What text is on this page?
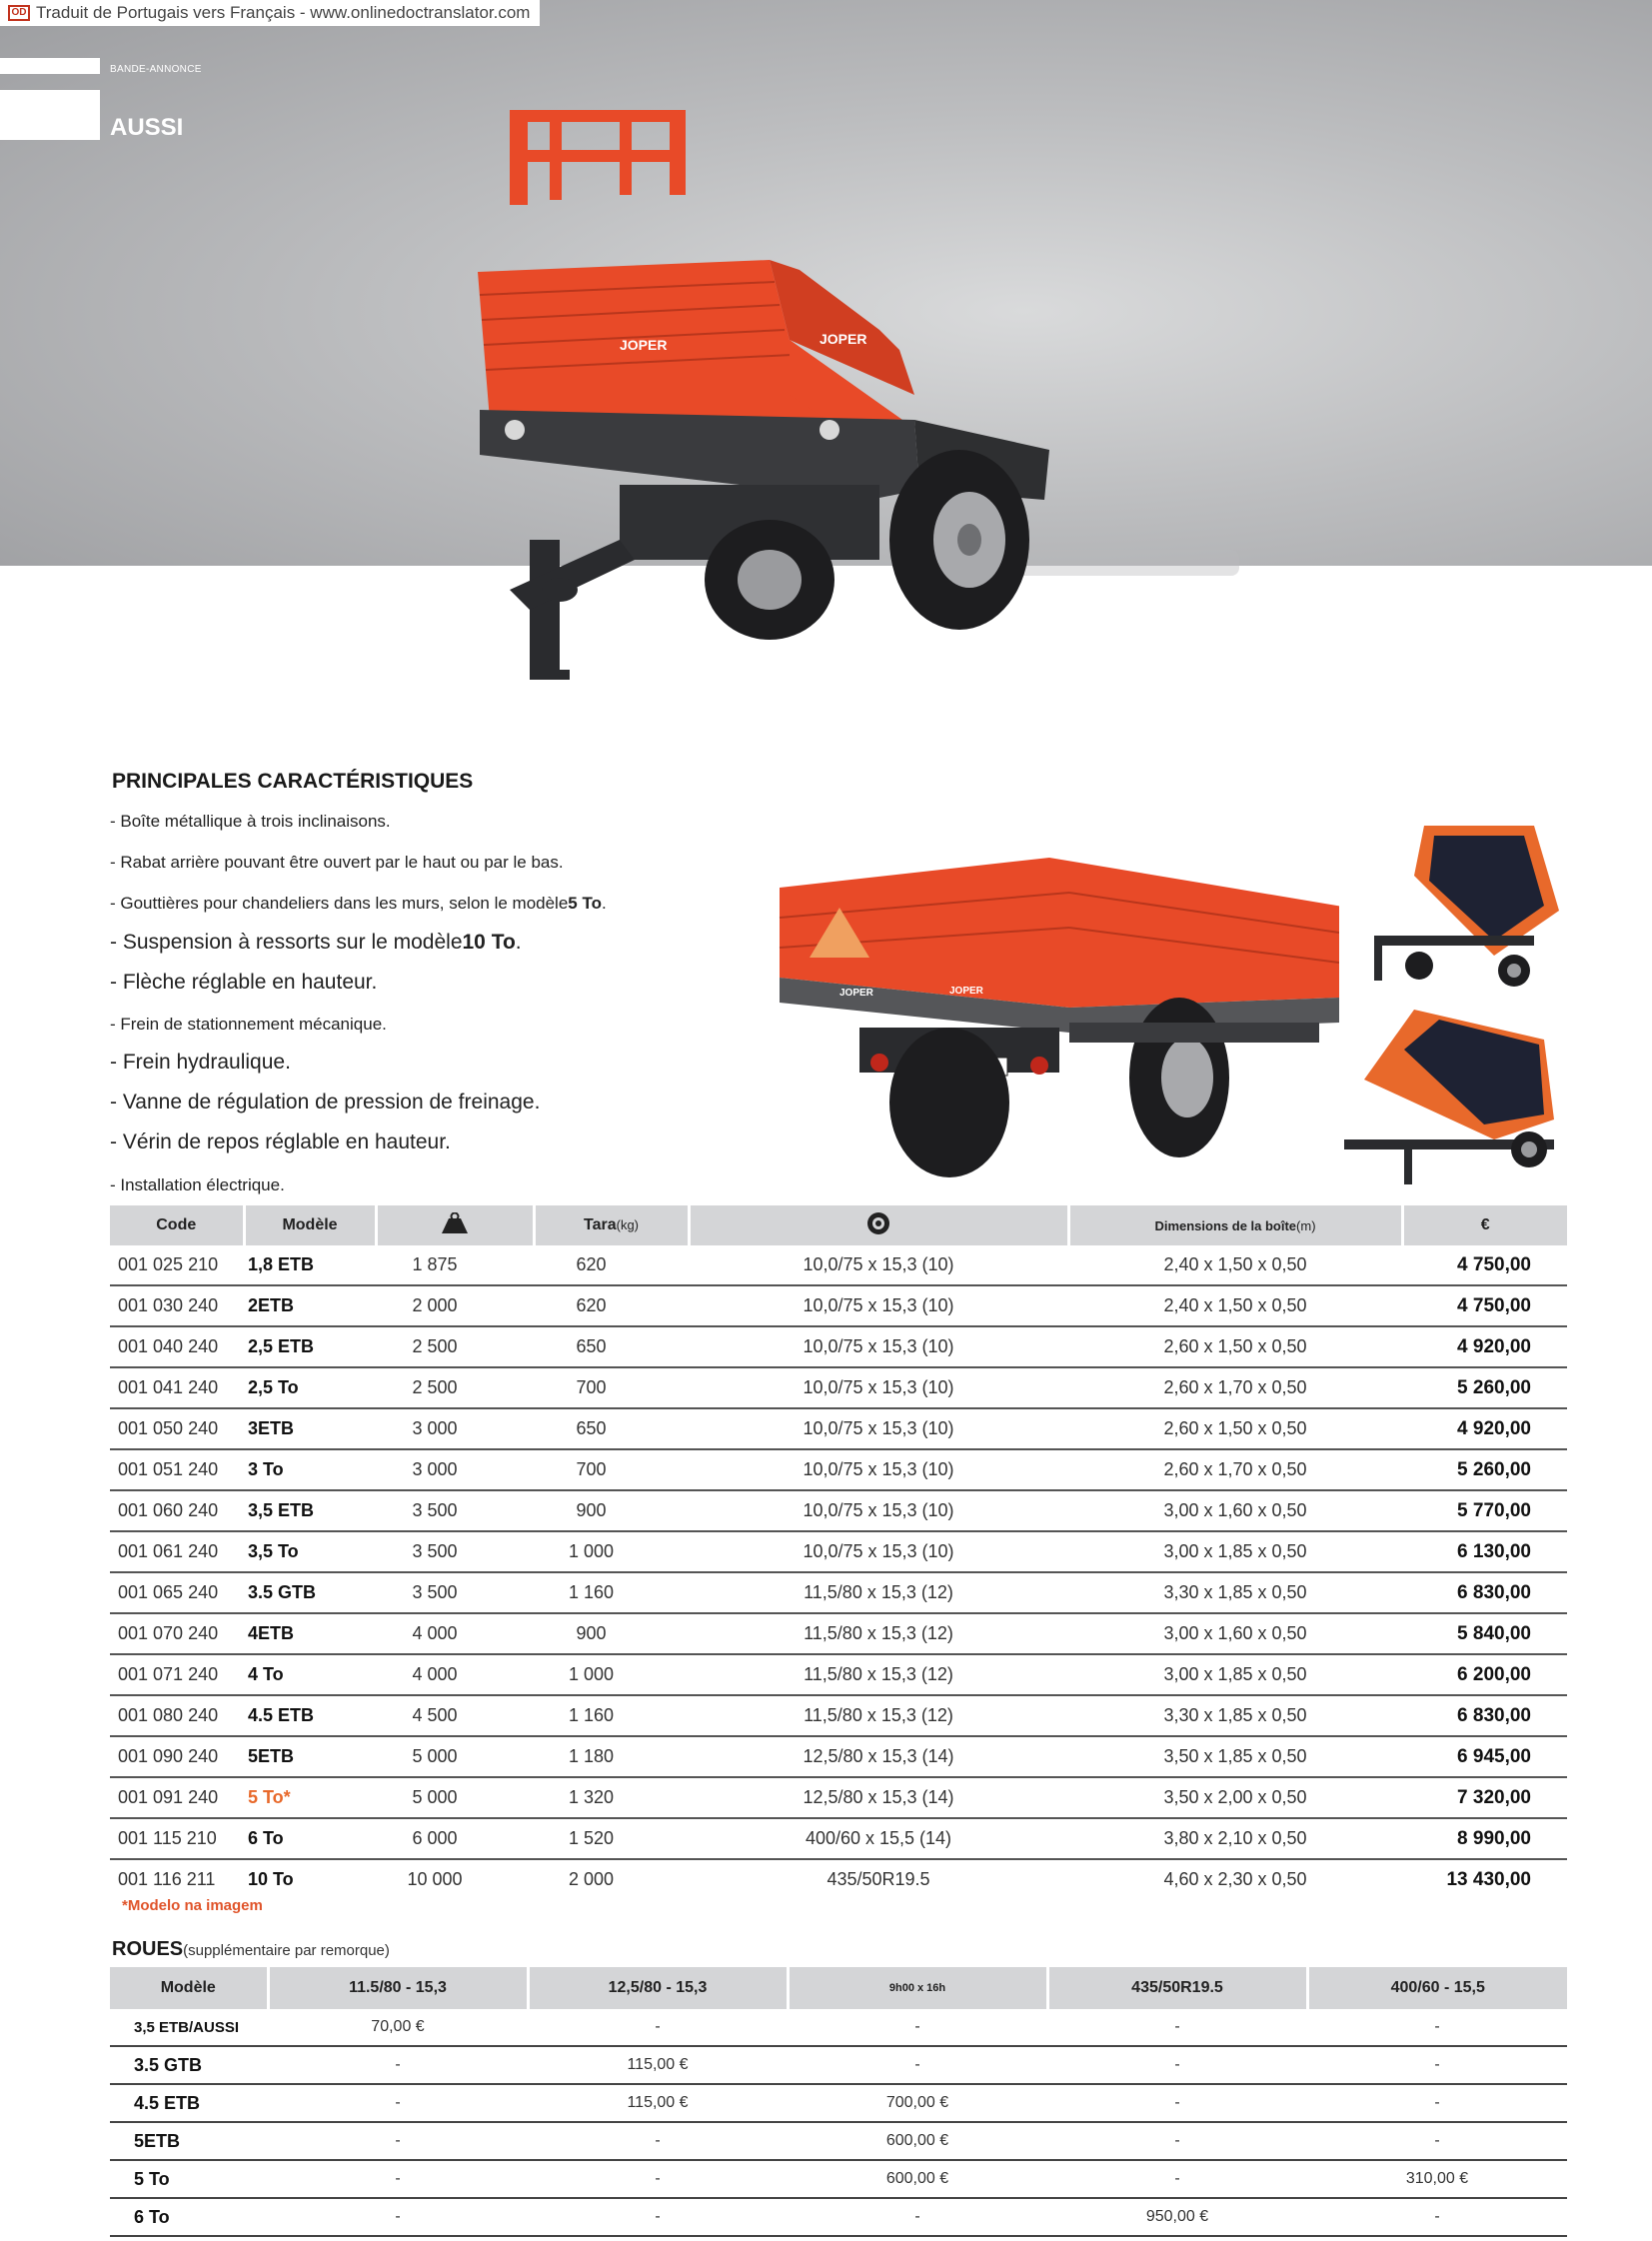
OD Traduit de Portugais vers Français - www.onlinedoctranslator.com
BANDE-ANNONCE
AUSSI
JOPER	JOPER
PRINCIPALES CARACTÉRISTIQUES
- Boîte métallique à trois inclinaisons.
- Rabat arrière pouvant être ouvert par le haut ou par le bas.
- Gouttières pour chandeliers dans les murs, selon le modèle5 To.
- Suspension à ressorts sur le modèle10 To.
- Flèche réglable en hauteur.
- Frein de stationnement mécanique.
- Frein hydraulique.
- Vanne de régulation de pression de freinage.
- Vérin de repos réglable en hauteur.
- Installation électrique.
JOPER	JOPER
Code	Modèle		Tara(kg)		Dimensions de la boîte(m)	€
001 025 210	1,8 ETB	1 875	620	10,0/75 x 15,3 (10)	2,40 x 1,50 x 0,50	4 750,00
001 030 240	2ETB	2 000	620	10,0/75 x 15,3 (10)	2,40 x 1,50 x 0,50	4 750,00
001 040 240	2,5 ETB	2 500	650	10,0/75 x 15,3 (10)	2,60 x 1,50 x 0,50	4 920,00
001 041 240	2,5 To	2 500	700	10,0/75 x 15,3 (10)	2,60 x 1,70 x 0,50	5 260,00
001 050 240	3ETB	3 000	650	10,0/75 x 15,3 (10)	2,60 x 1,50 x 0,50	4 920,00
001 051 240	3 To	3 000	700	10,0/75 x 15,3 (10)	2,60 x 1,70 x 0,50	5 260,00
001 060 240	3,5 ETB	3 500	900	10,0/75 x 15,3 (10)	3,00 x 1,60 x 0,50	5 770,00
001 061 240	3,5 To	3 500	1 000	10,0/75 x 15,3 (10)	3,00 x 1,85 x 0,50	6 130,00
001 065 240	3.5 GTB	3 500	1 160	11,5/80 x 15,3 (12)	3,30 x 1,85 x 0,50	6 830,00
001 070 240	4ETB	4 000	900	11,5/80 x 15,3 (12)	3,00 x 1,60 x 0,50	5 840,00
001 071 240	4 To	4 000	1 000	11,5/80 x 15,3 (12)	3,00 x 1,85 x 0,50	6 200,00
001 080 240	4.5 ETB	4 500	1 160	11,5/80 x 15,3 (12)	3,30 x 1,85 x 0,50	6 830,00
001 090 240	5ETB	5 000	1 180	12,5/80 x 15,3 (14)	3,50 x 1,85 x 0,50	6 945,00
001 091 240	5 To*	5 000	1 320	12,5/80 x 15,3 (14)	3,50 x 2,00 x 0,50	7 320,00
001 115 210	6 To	6 000	1 520	400/60 x 15,5 (14)	3,80 x 2,10 x 0,50	8 990,00
001 116 211	10 To	10 000	2 000	435/50R19.5	4,60 x 2,30 x 0,50	13 430,00
*Modelo na imagem
ROUES(supplémentaire par remorque)
Modèle	11.5/80 - 15,3	12,5/80 - 15,3	9h00 x 16h	435/50R19.5	400/60 - 15,5
3,5 ETB/AUSSI	70,00 €	-	-	-	-
3.5 GTB	-	115,00 €	-	-	-
4.5 ETB	-	115,00 €	700,00 €	-	-
5ETB	-	-	600,00 €	-	-
5 To	-	-	600,00 €	-	310,00 €
6 To	-	-	-	950,00 €	-
